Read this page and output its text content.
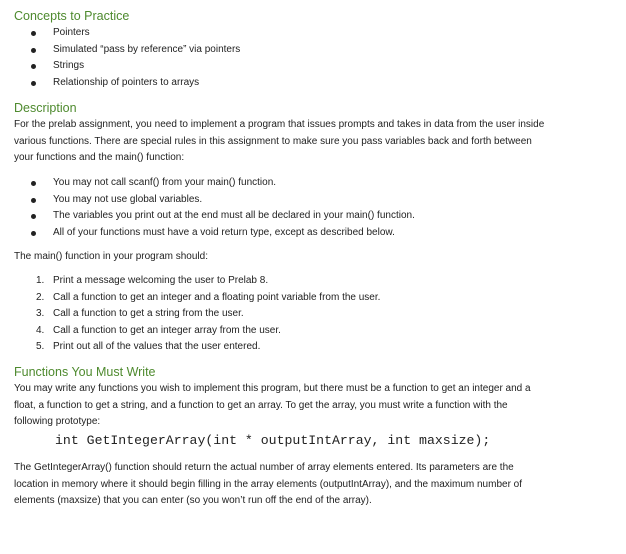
Concepts to Practice
Pointers
Simulated “pass by reference” via pointers
Strings
Relationship of pointers to arrays
Description
For the prelab assignment, you need to implement a program that issues prompts and takes in data from the user inside
various functions. There are special rules in this assignment to make sure you pass variables back and forth between
your functions and the main() function:
You may not call scanf() from your main() function.
You may not use global variables.
The variables you print out at the end must all be declared in your main() function.
All of your functions must have a void return type, except as described below.
The main() function in your program should:
1. Print a message welcoming the user to Prelab 8.
2. Call a function to get an integer and a floating point variable from the user.
3. Call a function to get a string from the user.
4. Call a function to get an integer array from the user.
5. Print out all of the values that the user entered.
Functions You Must Write
You may write any functions you wish to implement this program, but there must be a function to get an integer and a
float, a function to get a string, and a function to get an array. To get the array, you must write a function with the
following prototype:
int GetIntegerArray(int * outputIntArray, int maxsize);
The GetIntegerArray() function should return the actual number of array elements entered. Its parameters are the
location in memory where it should begin filling in the array elements (outputIntArray), and the maximum number of
elements (maxsize) that you can enter (so you won’t run off the end of the array).
